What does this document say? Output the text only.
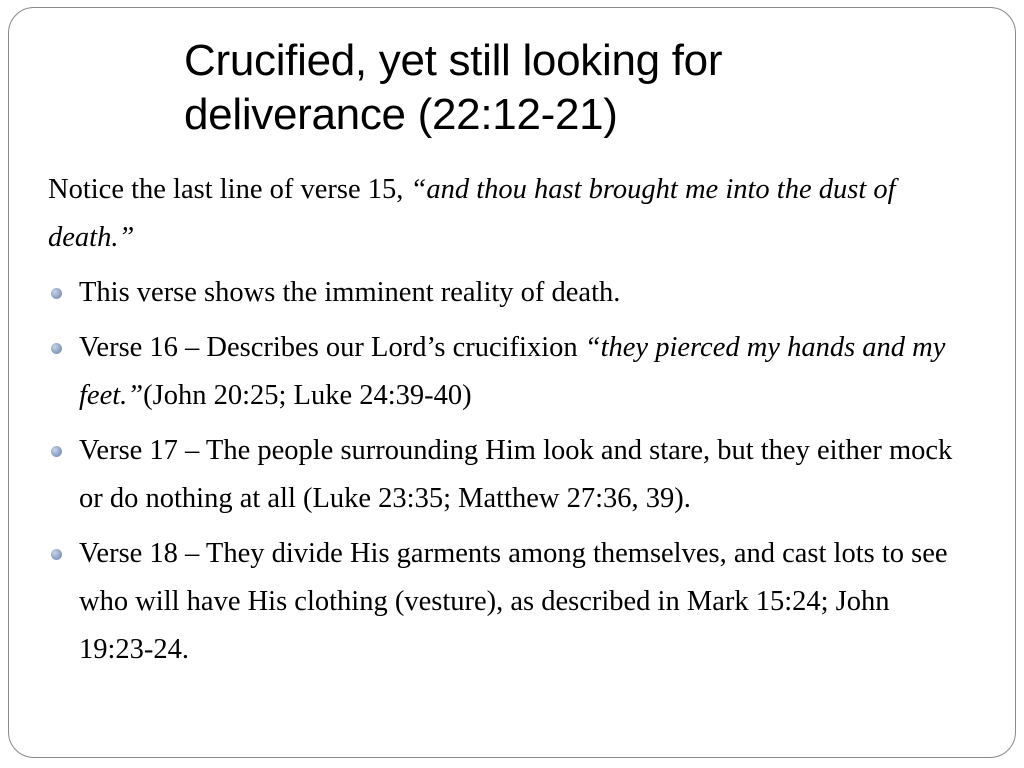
Crucified, yet still looking for
deliverance (22:12-21)

Notice the last line of verse 15, “and thou hast brought me into the dust of death.”

This verse shows the imminent reality of death.
Verse 16 – Describes our Lord’s crucifixion “they pierced my hands and my feet.”(John 20:25; Luke 24:39-40)
Verse 17 – The people surrounding Him look and stare, but they either mock or do nothing at all (Luke 23:35; Matthew 27:36, 39).
Verse 18 – They divide His garments among themselves, and cast lots to see who will have His clothing (vesture), as described in Mark 15:24; John 19:23-24.
